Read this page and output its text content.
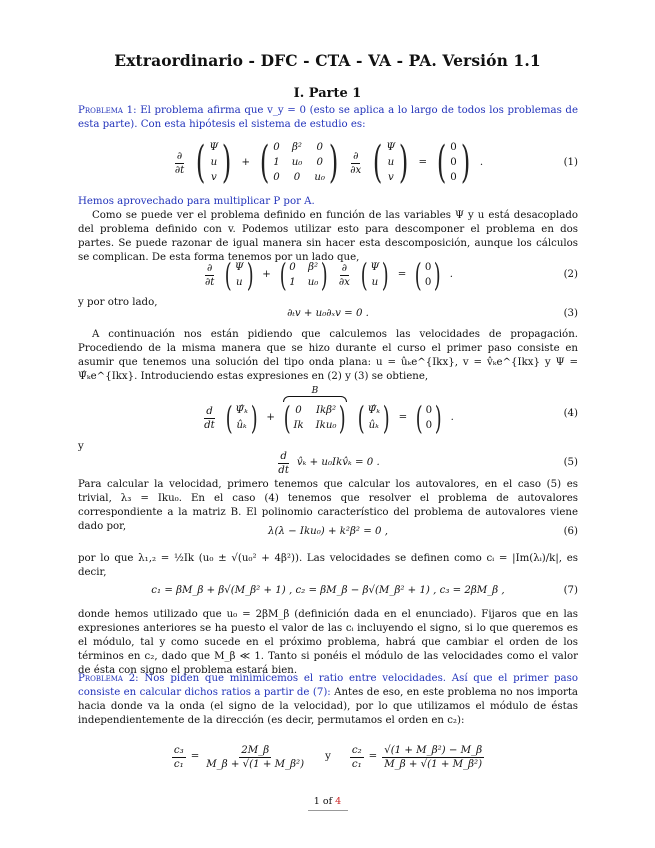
Extraordinario - DFC - CTA - VA - PA. Versión 1.1
I. Parte 1
Problema 1: El problema afirma que v_y = 0 (esto se aplica a lo largo de todos los problemas de esta parte). Con esta hipótesis el sistema de estudio es:
$\frac{\partial}{\partial t}$ ( Ψ
u
v ) + ( 0 β² 0
1 u₀ 0
0 0 u₀ ) $\frac{\partial}{\partial x}$ ( Ψ
u
v ) = ( 0
0
0 ) .	(1)
Hemos aprovechado para multiplicar P por A.
Como se puede ver el problema definido en función de las variables Ψ y u está desacoplado del problema definido con v. Podemos utilizar esto para descomponer el problema en dos partes. Se puede razonar de igual manera sin hacer esta descomposición, aunque los cálculos se complican. De esta forma tenemos por un lado que,
$\frac{\partial}{\partial t}$ ( Ψ
u ) + ( 0 β²
1 u₀ ) $\frac{\partial}{\partial x}$ ( Ψ
u ) = ( 0
0 ) .	(2)
y por otro lado,
∂ₜv + u₀∂ₓv = 0 .	(3)
A continuación nos están pidiendo que calculemos las velocidades de propagación. Procediendo de la misma manera que se hizo durante el curso el primer paso consiste en asumir que tenemos una solución del tipo onda plana: u = ûₖe^{Ikx}, v = v̂ₖe^{Ikx} y Ψ = Ψ̂ₖe^{Ikx}. Introduciendo estas expresiones en (2) y (3) se obtiene,
$\frac{d}{dt}$ ( Ψ̂ₖ
ûₖ ) +
B
( 0 Ikβ²
Ik Iku₀ ) ( Ψ̂ₖ
ûₖ ) = ( 0
0 ) .	(4)
y
$\frac{d}{dt}$ v̂ₖ + u₀Ikv̂ₖ = 0 .	(5)
Para calcular la velocidad, primero tenemos que calcular los autovalores, en el caso (5) es trivial, λ₃ = Iku₀. En el caso (4) tenemos que resolver el problema de autovalores correspondiente a la matriz B. El polinomio característico del problema de autovalores viene dado por,	λ(λ − Iku₀) + k²β² = 0 ,	(6)
por lo que λ₁,₂ = ½Ik (u₀ ± √(u₀² + 4β²)). Las velocidades se definen como cᵢ = |Im(λᵢ)/k|, es decir,
c₁ = βM_β + β√(M_β² + 1) , c₂ = βM_β − β√(M_β² + 1) , c₃ = 2βM_β ,	(7)
donde hemos utilizado que u₀ = 2βM_β (definición dada en el enunciado). Fijaros que en las expresiones anteriores se ha puesto el valor de las cᵢ incluyendo el signo, si lo que queremos es el módulo, tal y como sucede en el próximo problema, habrá que cambiar el orden de los términos en c₂, dado que M_β ≪ 1. Tanto si ponéis el módulo de las velocidades como el valor de ésta con signo el problema estará bien.
Problema 2: Nos piden que minimicemos el ratio entre velocidades. Así que el primer paso consiste en calcular dichos ratios a partir de (7): Antes de eso, en este problema no nos importa hacia donde va la onda (el signo de la velocidad), por lo que utilizamos el módulo de éstas independientemente de la dirección (es decir, permutamos el orden en c₂):
$\frac{\text{c₃}}{\text{c₁}} = \frac{2M\_\beta}{\text{M\_β + √(1 + M\_β²)}}$ y $\frac{\text{c₂}}{\text{c₁}} = \frac{\text{√(1 + M\_β²) − M\_β}}{\text{M\_β + √(1 + M\_β²)}}$
1 of 4
